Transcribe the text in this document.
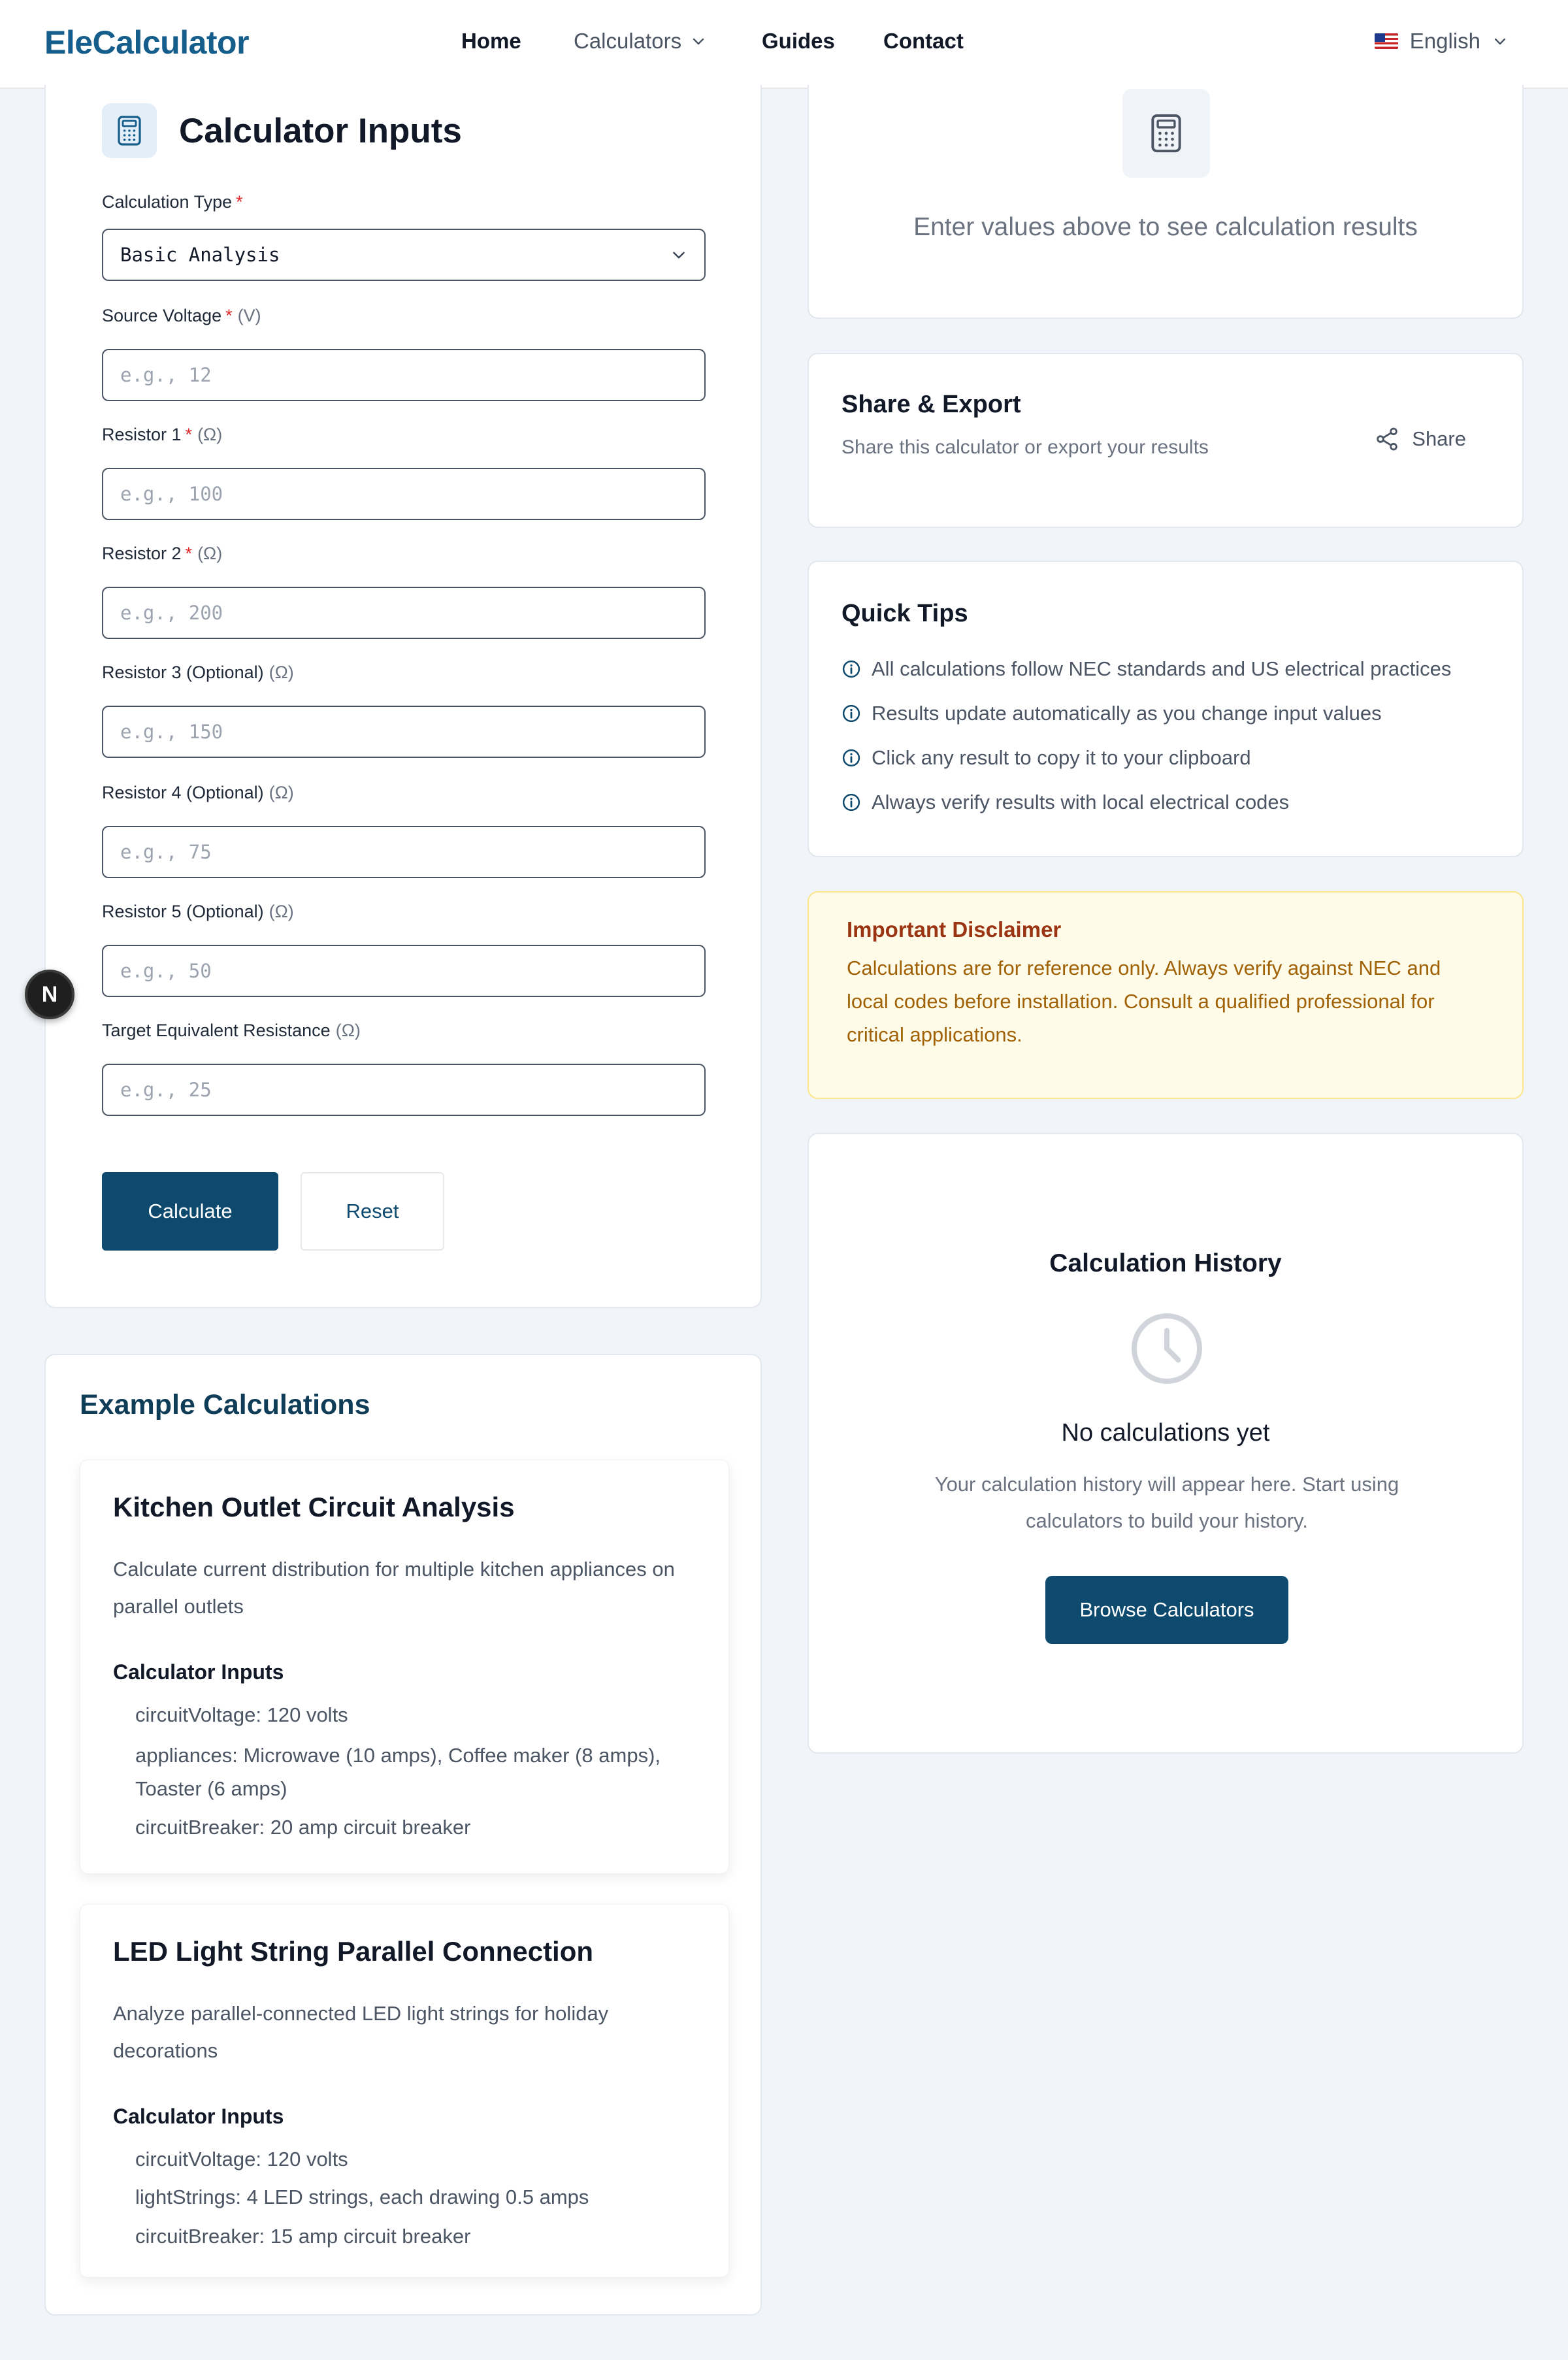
EleCalculator	Home Calculators	Guides Contact	English
Calculator Inputs
Calculation Type *
Basic Analysis
Source Voltage * (V)
e.g., 12
Resistor 1 * (Ω)
e.g., 100
Resistor 2 * (Ω)
e.g., 200
Resistor 3 (Optional) (Ω)
e.g., 150
Resistor 4 (Optional) (Ω)
e.g., 75
Resistor 5 (Optional) (Ω)
e.g., 50
Target Equivalent Resistance (Ω)
e.g., 25
Calculate	Reset
N
Example Calculations
Kitchen Outlet Circuit Analysis

Calculate current distribution for multiple kitchen appliances on parallel outlets

Calculator Inputs

circuitVoltage: 120 volts

appliances: Microwave (10 amps), Coffee maker (8 amps), Toaster (6 amps)

circuitBreaker: 20 amp circuit breaker

LED Light String Parallel Connection

Analyze parallel-connected LED light strings for holiday decorations

Calculator Inputs

circuitVoltage: 120 volts

lightStrings: 4 LED strings, each drawing 0.5 amps

circuitBreaker: 15 amp circuit breaker

Enter values above to see calculation results

Share & Export

Share this calculator or export your results	Share
Quick Tips
All calculations follow NEC standards and US electrical practices
Results update automatically as you change input values
Click any result to copy it to your clipboard
Always verify results with local electrical codes
Important Disclaimer

Calculations are for reference only. Always verify against NEC and local codes before installation. Consult a qualified professional for critical applications.

Calculation History

No calculations yet

Your calculation history will appear here. Start using calculators to build your history.

Browse Calculators
